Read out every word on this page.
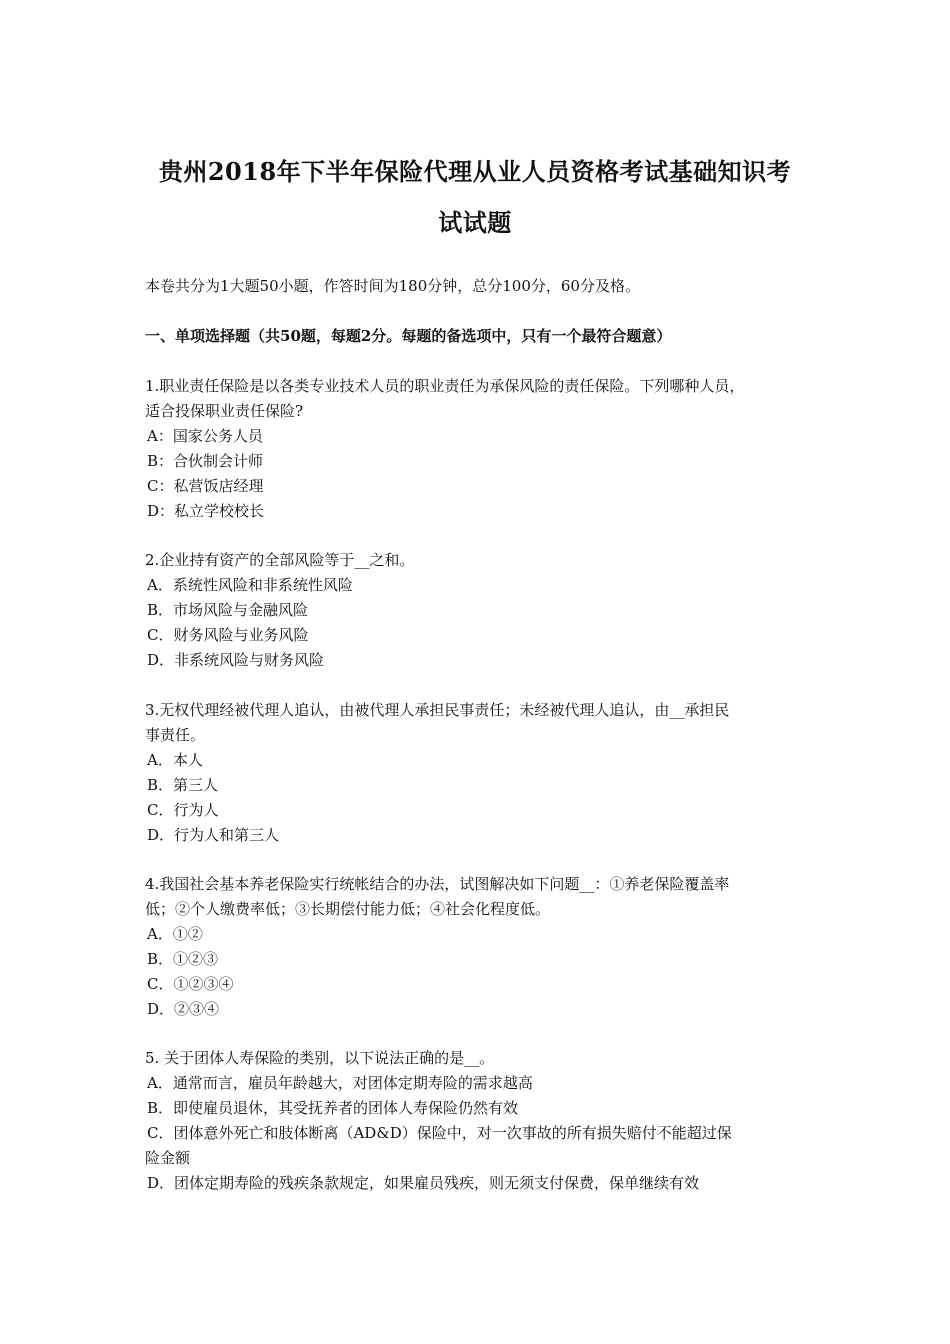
贵州2018年下半年保险代理从业人员资格考试基础知识考
试试题
本卷共分为1大题50小题，作答时间为180分钟，总分100分，60分及格。
一、单项选择题（共50题，每题2分。每题的备选项中，只有一个最符合题意）
1.职业责任保险是以各类专业技术人员的职业责任为承保风险的责任保险。下列哪种人员，
适合投保职业责任保险?
A：国家公务人员
B：合伙制会计师
C：私营饭店经理
D：私立学校校长
2.企业持有资产的全部风险等于__之和。
A．系统性风险和非系统性风险
B．市场风险与金融风险
C．财务风险与业务风险
D．非系统风险与财务风险
3.无权代理经被代理人追认，由被代理人承担民事责任；未经被代理人追认，由__承担民
事责任。
A．本人
B．第三人
C．行为人
D．行为人和第三人
4.我国社会基本养老保险实行统帐结合的办法，试图解决如下问题__：①养老保险覆盖率
低；②个人缴费率低；③长期偿付能力低；④社会化程度低。
A．①②
B．①②③
C．①②③④
D．②③④
5. 关于团体人寿保险的类别，以下说法正确的是__。
A．通常而言，雇员年龄越大，对团体定期寿险的需求越高
B．即使雇员退休，其受抚养者的团体人寿保险仍然有效
C．团体意外死亡和肢体断离（AD&D）保险中，对一次事故的所有损失赔付不能超过保
险金额
D．团体定期寿险的残疾条款规定，如果雇员残疾，则无须支付保费，保单继续有效
